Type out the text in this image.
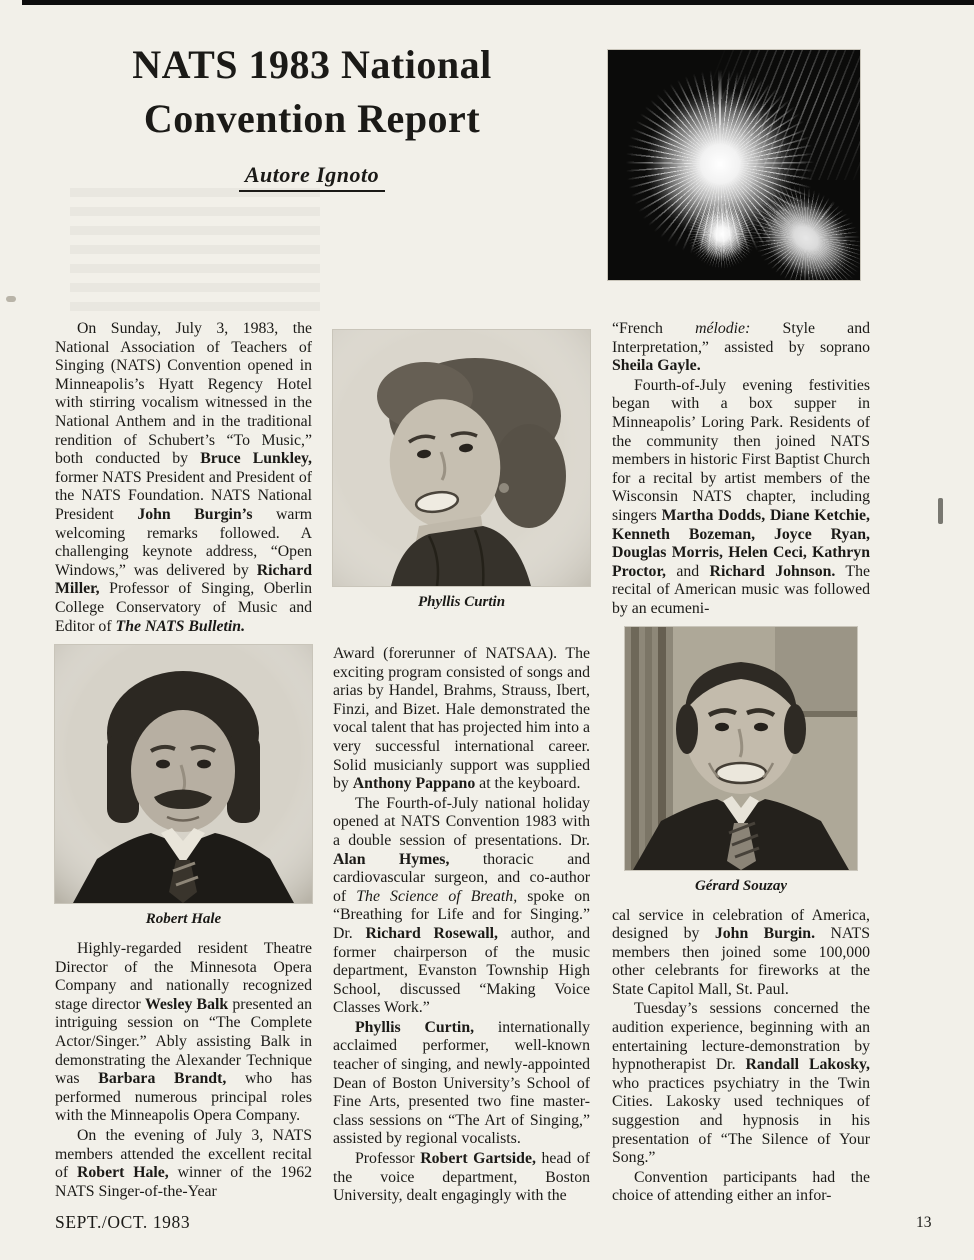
NATS 1983 National
Convention Report
Autore Ignoto

On Sunday, July 3, 1983, the National Association of Teachers of Singing (NATS) Convention opened in Minneapolis’s Hyatt Regency Hotel with stirring vocalism witnessed in the National Anthem and in the traditional rendition of Schubert’s “To Music,” both conducted by Bruce Lunkley, former NATS President and President of the NATS Foundation. NATS National President John Burgin’s warm welcoming remarks followed. A challenging keynote address, “Open Windows,” was delivered by Richard Miller, Professor of Singing, Oberlin College Conservatory of Music and Editor of The NATS Bulletin.

Robert Hale

Highly-regarded resident Theatre Director of the Minnesota Opera Company and nationally recognized stage director Wesley Balk presented an intriguing session on “The Complete Actor/Singer.” Ably assisting Balk in demonstrating the Alexander Technique was Barbara Brandt, who has performed numerous principal roles with the Minneapolis Opera Company.

On the evening of July 3, NATS members attended the excellent recital of Robert Hale, winner of the 1962 NATS Singer-of-the-Year

Phyllis Curtin

Award (forerunner of NATSAA). The exciting program consisted of songs and arias by Handel, Brahms, Strauss, Ibert, Finzi, and Bizet. Hale demonstrated the vocal talent that has projected him into a very successful international career. Solid musicianly support was supplied by Anthony Pappano at the keyboard.

The Fourth-of-July national holiday opened at NATS Convention 1983 with a double session of presentations. Dr. Alan Hymes, thoracic and cardiovascular surgeon, and co-author of The Science of Breath, spoke on “Breathing for Life and for Singing.” Dr. Richard Rosewall, author, and former chairperson of the music department, Evanston Township High School, discussed “Making Voice Classes Work.”

Phyllis Curtin, internationally acclaimed performer, well-known teacher of singing, and newly-appointed Dean of Boston University’s School of Fine Arts, presented two fine master-class sessions on “The Art of Singing,” assisted by regional vocalists.

Professor Robert Gartside, head of the voice department, Boston University, dealt engagingly with the

“French mélodie: Style and Interpretation,” assisted by soprano Sheila Gayle.

Fourth-of-July evening festivities began with a box supper in Minneapolis’ Loring Park. Residents of the community then joined NATS members in historic First Baptist Church for a recital by artist members of the Wisconsin NATS chapter, including singers Martha Dodds, Diane Ketchie, Kenneth Bozeman, Joyce Ryan, Douglas Morris, Helen Ceci, Kathryn Proctor, and Richard Johnson. The recital of American music was followed by an ecumeni-

Gérard Souzay

cal service in celebration of America, designed by John Burgin. NATS members then joined some 100,000 other celebrants for fireworks at the State Capitol Mall, St. Paul.

Tuesday’s sessions concerned the audition experience, beginning with an entertaining lecture-demonstration by hypnotherapist Dr. Randall Lakosky, who practices psychiatry in the Twin Cities. Lakosky used techniques of suggestion and hypnosis in his presentation of “The Silence of Your Song.”

Convention participants had the choice of attending either an infor-

SEPT./OCT. 1983	13
